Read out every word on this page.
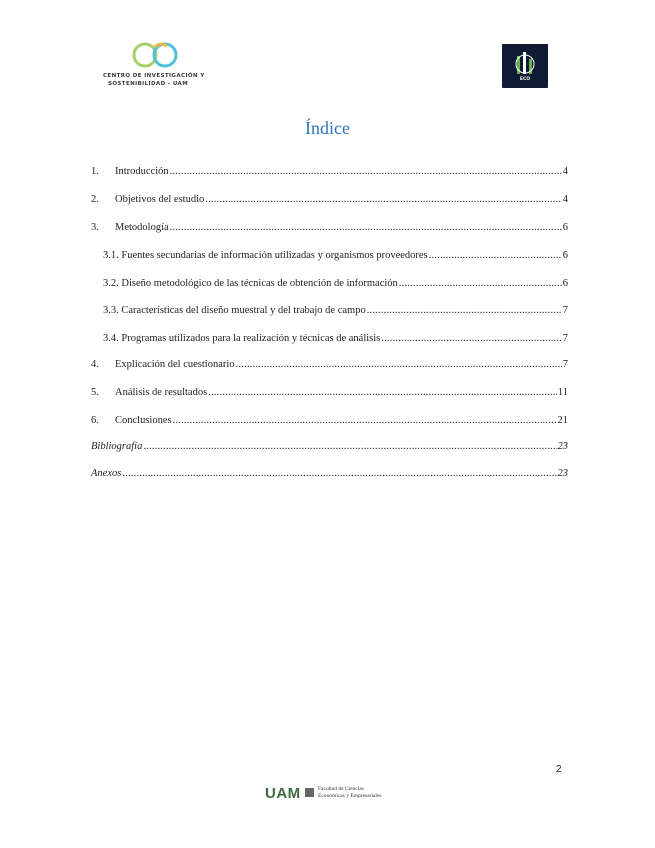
CENTRO DE INVESTIGACIÓN Y
SOSTENIBILIDAD - UAM
ECO
Índice
1.	Introducción .....	4
2.	Objetivos del estudio .....	4
3.	Metodología .....	6
3.1. Fuentes secundarias de información utilizadas y organismos proveedores .....	6
3.2. Diseño metodológico de las técnicas de obtención de información .....	6
3.3. Características del diseño muestral y del trabajo de campo .....	7
3.4. Programas utilizados para la realización y técnicas de análisis .....	7
4.	Explicación del cuestionario .....	7
5.	Análisis de resultados .....	11
6.	Conclusiones .....	21
Bibliografía .....	23
Anexos .....	23
2
UAM	Facultad de Ciencias
Económicas y Empresariales
